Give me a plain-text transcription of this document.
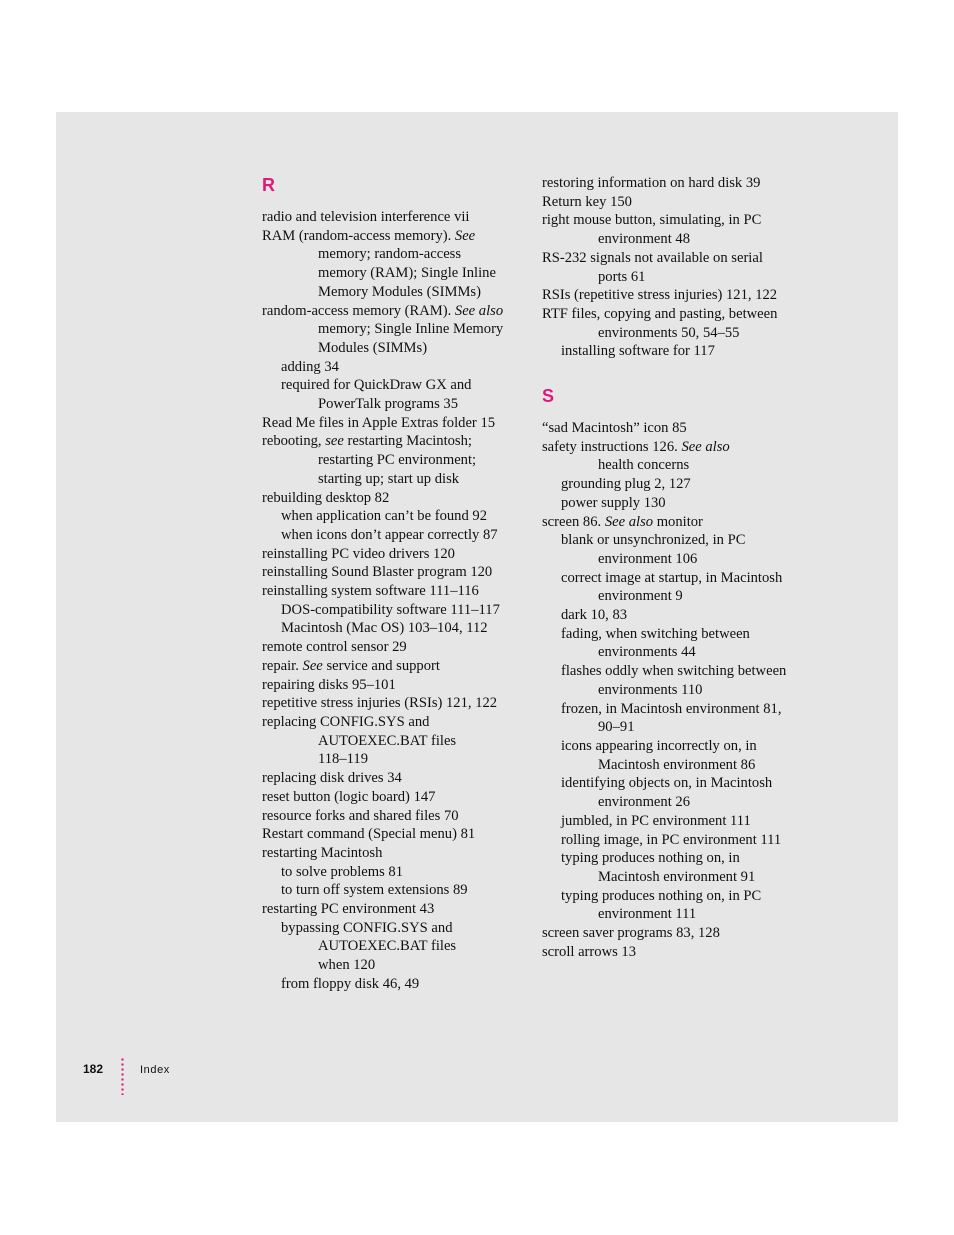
R
radio and television interference vii
RAM (random-access memory). See
memory; random-access
memory (RAM); Single Inline
Memory Modules (SIMMs)
random-access memory (RAM). See also
memory; Single Inline Memory
Modules (SIMMs)
adding 34
required for QuickDraw GX and
PowerTalk programs 35
Read Me files in Apple Extras folder 15
rebooting, see restarting Macintosh;
restarting PC environment;
starting up; start up disk
rebuilding desktop 82
when application can’t be found 92
when icons don’t appear correctly 87
reinstalling PC video drivers 120
reinstalling Sound Blaster program 120
reinstalling system software 111–116
DOS-compatibility software 111–117
Macintosh (Mac OS) 103–104, 112
remote control sensor 29
repair. See service and support
repairing disks 95–101
repetitive stress injuries (RSIs) 121, 122
replacing CONFIG.SYS and
AUTOEXEC.BAT files
118–119
replacing disk drives 34
reset button (logic board) 147
resource forks and shared files 70
Restart command (Special menu) 81
restarting Macintosh
to solve problems 81
to turn off system extensions 89
restarting PC environment 43
bypassing CONFIG.SYS and
AUTOEXEC.BAT files
when 120
from floppy disk 46, 49
restoring information on hard disk 39
Return key 150
right mouse button, simulating, in PC
environment 48
RS-232 signals not available on serial
ports 61
RSIs (repetitive stress injuries) 121, 122
RTF files, copying and pasting, between
environments 50, 54–55
installing software for 117
S
“sad Macintosh” icon 85
safety instructions 126. See also
health concerns
grounding plug 2, 127
power supply 130
screen 86. See also monitor
blank or unsynchronized, in PC
environment 106
correct image at startup, in Macintosh
environment 9
dark 10, 83
fading, when switching between
environments 44
flashes oddly when switching between
environments 110
frozen, in Macintosh environment 81,
90–91
icons appearing incorrectly on, in
Macintosh environment 86
identifying objects on, in Macintosh
environment 26
jumbled, in PC environment 111
rolling image, in PC environment 111
typing produces nothing on, in
Macintosh environment 91
typing produces nothing on, in PC
environment 111
screen saver programs 83, 128
scroll arrows 13
182	Index
